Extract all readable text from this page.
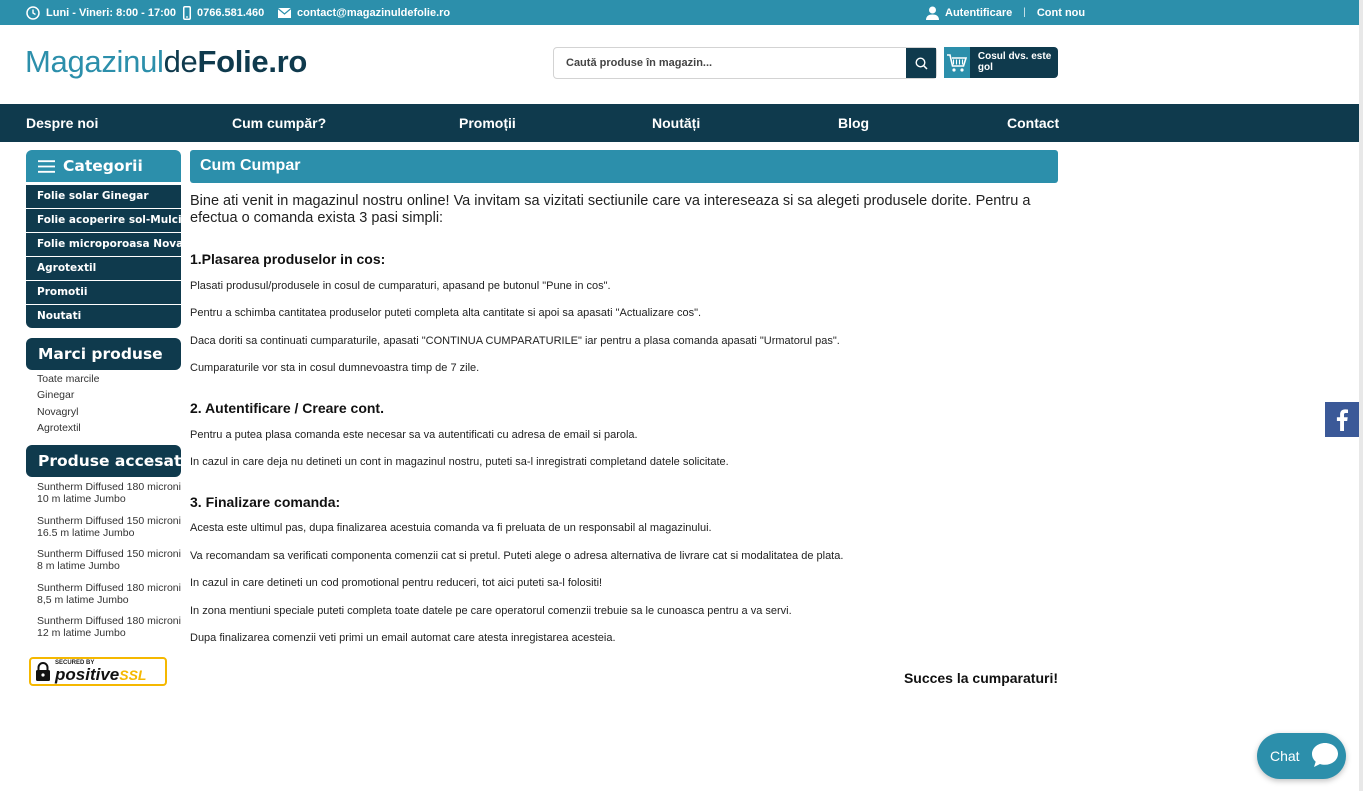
Luni - Vineri: 8:00 - 17:00 0766.581.460	contact@magazinuldefolie.ro	Autentificare | Cont nou
MagazinuldeFolie.ro
Caută produse în magazin...	Cosul dvs. este gol
Despre noi	Cum cumpăr?	Promoții	Noutăți	Blog	Contact
Categorii
Folie solar Ginegar
Folie acoperire sol-Mulcire
Folie microporoasa Novagryl
Agrotextil
Promotii
Noutati
Marci produse
Toate marcile
Ginegar
Novagryl
Agrotextil
Produse accesate
Suntherm Diffused 180 microni
10 m latime Jumbo
Suntherm Diffused 150 microni
16.5 m latime Jumbo
Suntherm Diffused 150 microni
8 m latime Jumbo
Suntherm Diffused 180 microni
8,5 m latime Jumbo
Suntherm Diffused 180 microni
12 m latime Jumbo
SECURED BY
positiveSSL
Cum Cumpar
Bine ati venit in magazinul nostru online! Va invitam sa vizitati sectiunile care va intereseaza si sa alegeti produsele dorite. Pentru a efectua o comanda exista 3 pasi simpli:
1.Plasarea produselor in cos:

Plasati produsul/produsele in cosul de cumparaturi, apasand pe butonul "Pune in cos".

Pentru a schimba cantitatea produselor puteti completa alta cantitate si apoi sa apasati "Actualizare cos".

Daca doriti sa continuati cumparaturile, apasati "CONTINUA CUMPARATURILE" iar pentru a plasa comanda apasati "Urmatorul pas".

Cumparaturile vor sta in cosul dumnevoastra timp de 7 zile.

2. Autentificare / Creare cont.

Pentru a putea plasa comanda este necesar sa va autentificati cu adresa de email si parola.

In cazul in care deja nu detineti un cont in magazinul nostru, puteti sa-l inregistrati completand datele solicitate.

3. Finalizare comanda:

Acesta este ultimul pas, dupa finalizarea acestuia comanda va fi preluata de un responsabil al magazinului.

Va recomandam sa verificati componenta comenzii cat si pretul. Puteti alege o adresa alternativa de livrare cat si modalitatea de plata.

In cazul in care detineti un cod promotional pentru reduceri, tot aici puteti sa-l folositi!

In zona mentiuni speciale puteti completa toate datele pe care operatorul comenzii trebuie sa le cunoasca pentru a va servi.

Dupa finalizarea comenzii veti primi un email automat care atesta inregistarea acesteia.

Succes la cumparaturi!
Chat
